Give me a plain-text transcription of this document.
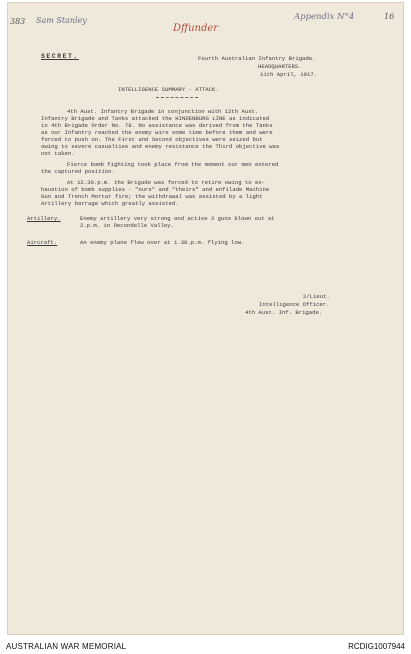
383 Sam Stanley
Dffunder
Appendix N°4	16
SECRET.	Fourth Australian Infantry Brigade.
HEADQUARTERS.
11th April, 1917.
INTELLIGENCE SUMMARY - ATTACK.
4th Aust. Infantry Brigade in conjunction with 12th Aust.
Infantry Brigade and Tanks attacked the HINDENBURG LINE as indicated
in 4th Brigade Order No. 78. No assistance was derived from the Tanks
as our Infantry reached the enemy wire some time before them and were
forced to push on. The First and Second objectives were seized but
owing to severe casualties and enemy resistance the Third objective was
not taken.
Fierce bomb fighting took place from the moment our men entered
the captured position.
At 12.30.p.m. the Brigade was forced to retire owing to ex-
haustion of bomb supplies - "ours" and "theirs" and enfilade Machine
Gun and Trench Mortar fire; the withdrawal was assisted by a light
Artillery barrage which greatly assisted.
Artillery.	Enemy artillery very strong and active 3 guns blown out at
2.p.m. in Decondelle Valley.
Aircraft.	An enemy plane flew over at 1.30.p.m. flying low.
2/Lieut.
Intelligence Officer.
4th Aust. Inf. Brigade.
AUSTRALIAN WAR MEMORIAL	RCDIG1007944
